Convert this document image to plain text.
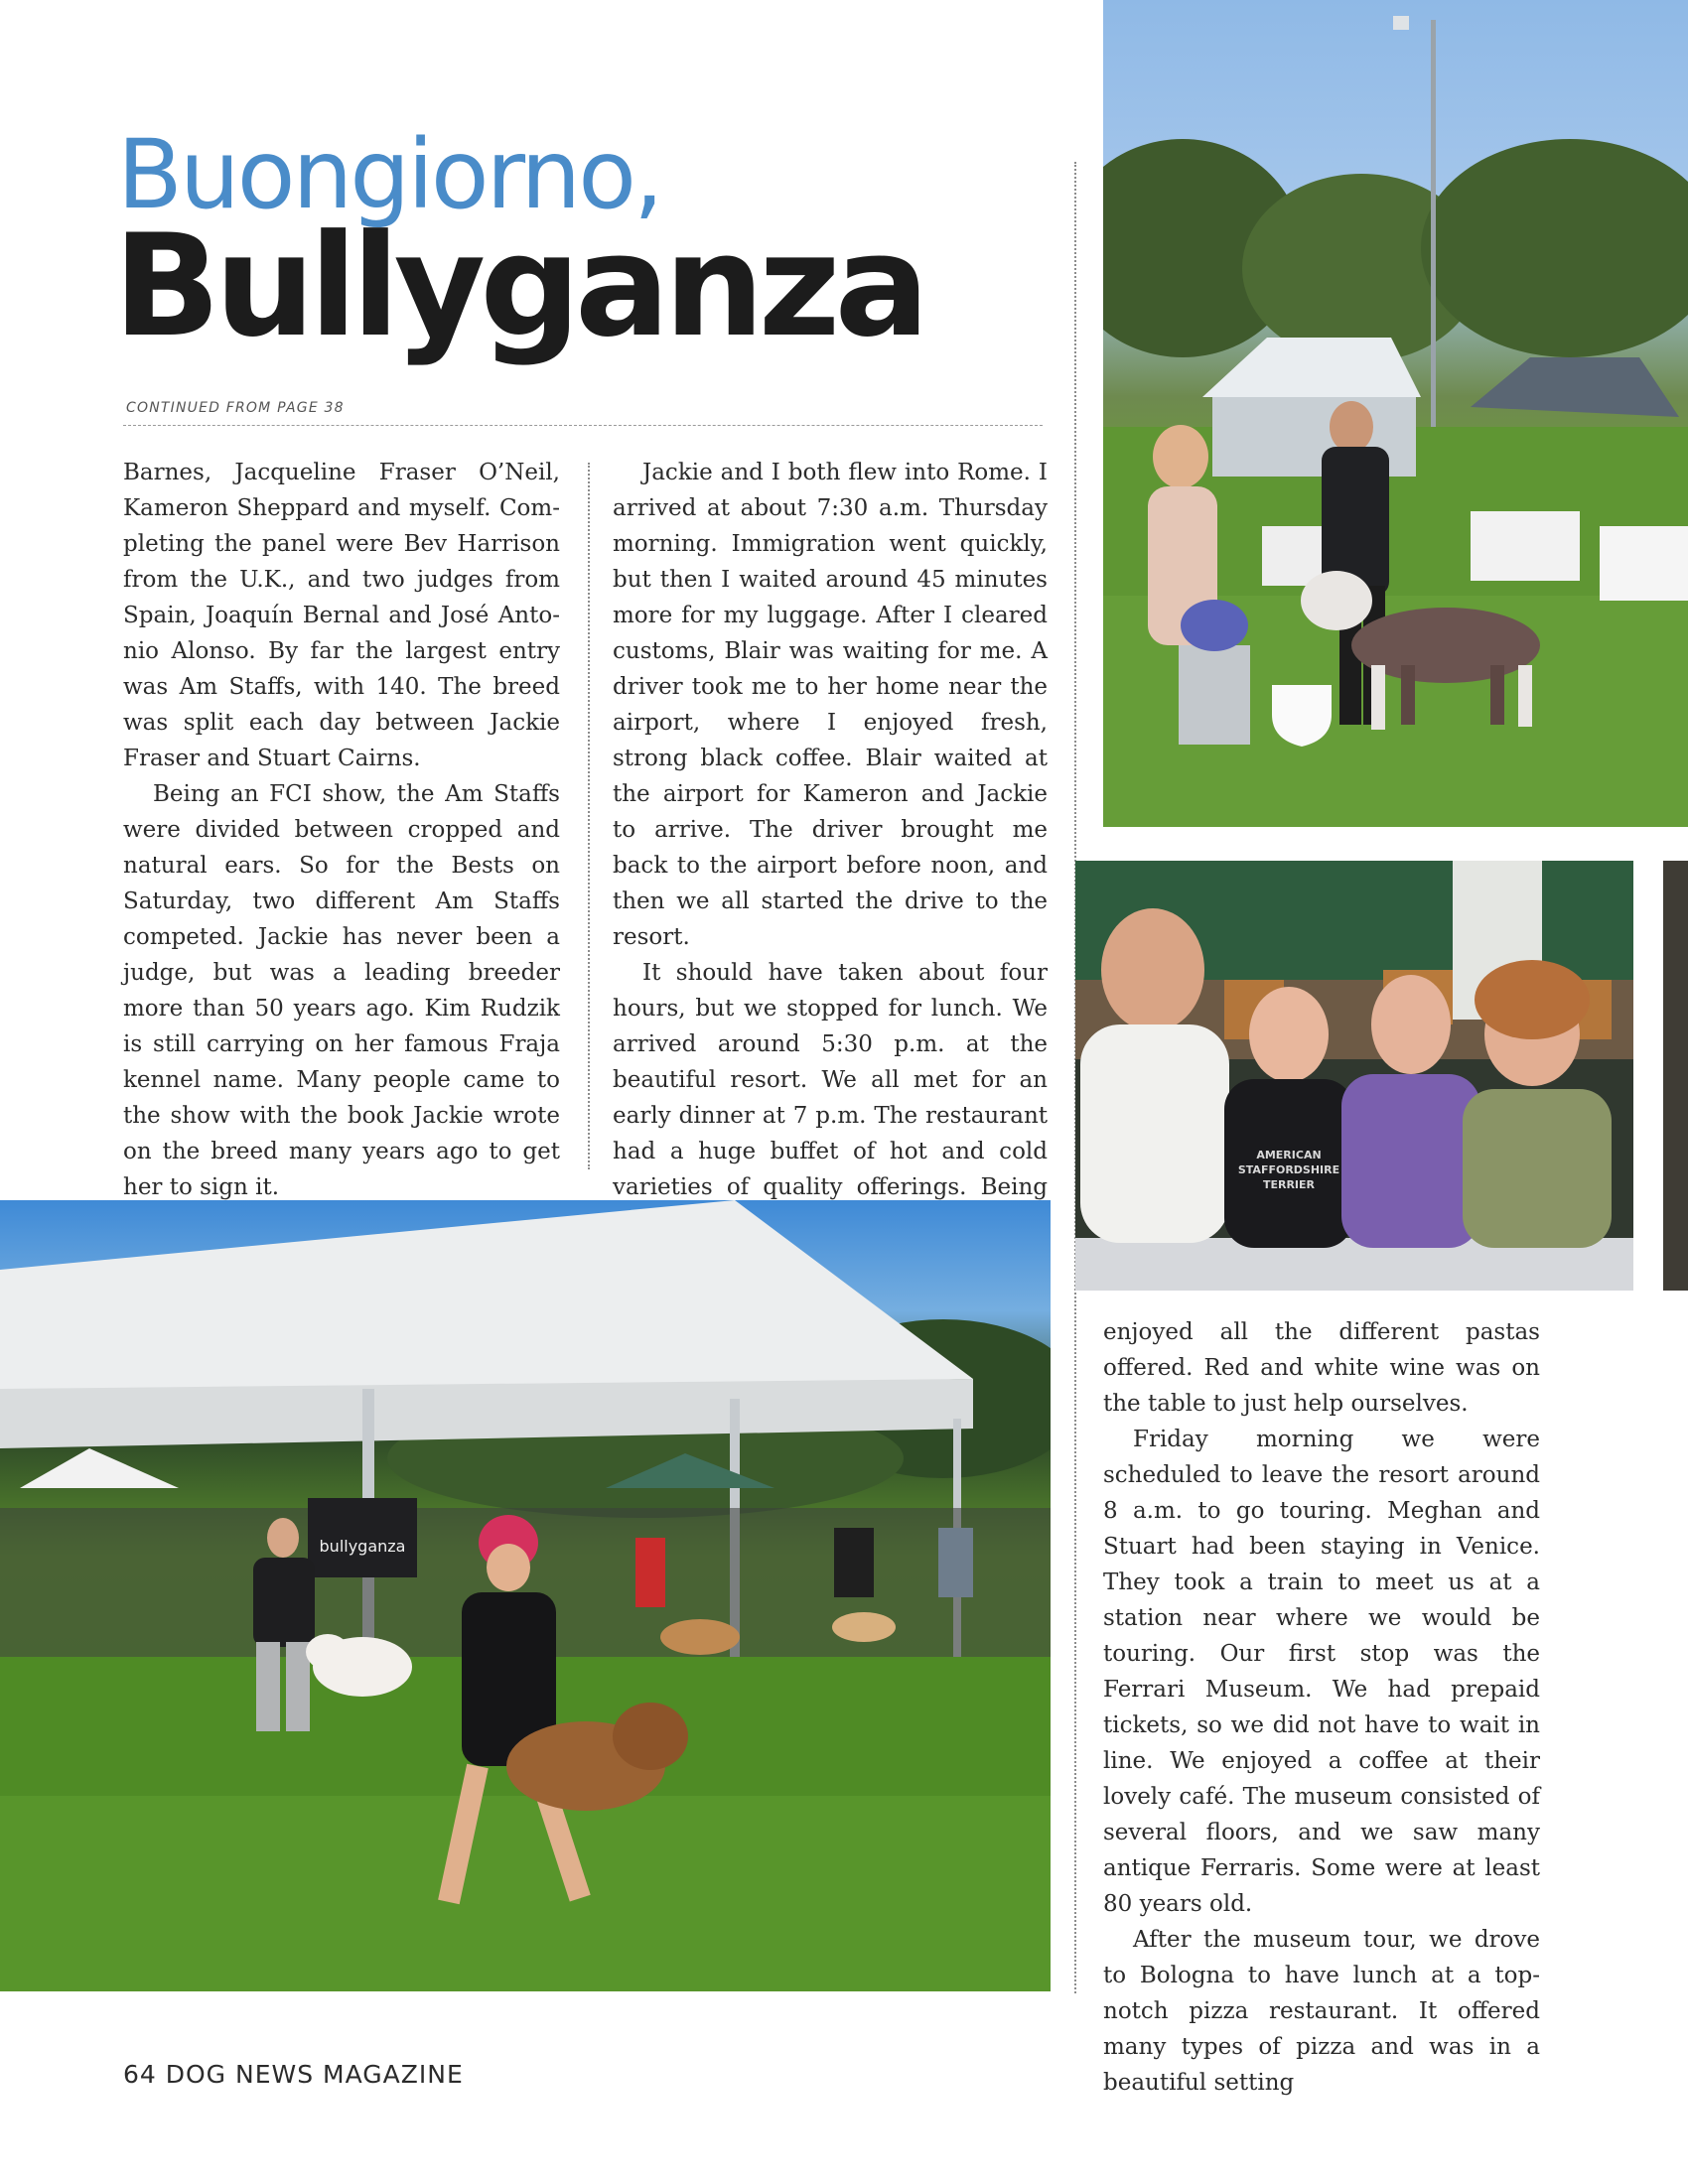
Buongiorno,
Bullyganza
CONTINUED FROM PAGE 38

Barnes, Jacqueline Fraser O’Neil, Kameron Sheppard and myself. Completing the panel were Bev Harrison from the U.K., and two judges from Spain, Joaquín Bernal and José Antonio Alonso. By far the largest entry was Am Staffs, with 140. The breed was split each day between Jackie Fraser and Stuart Cairns.

Being an FCI show, the Am Staffs were divided between cropped and natural ears. So for the Bests on Saturday, two different Am Staffs competed. Jackie has never been a judge, but was a leading breeder more than 50 years ago. Kim Rudzik is still carrying on her famous Fraja kennel name. Many people came to the show with the book Jackie wrote on the breed many years ago to get her to sign it.

Jackie and I both flew into Rome. I arrived at about 7:30 a.m. Thursday morning. Immigration went quickly, but then I waited around 45 minutes more for my luggage. After I cleared customs, Blair was waiting for me. A driver took me to her home near the airport, where I enjoyed fresh, strong black coffee. Blair waited at the airport for Kameron and Jackie to arrive. The driver brought me back to the airport before noon, and then we all started the drive to the resort.

It should have taken about four hours, but we stopped for lunch. We arrived around 5:30 p.m. at the beautiful resort. We all met for an early dinner at 7 p.m. The restaurant had a huge buffet of hot and cold varieties of quality offerings. Being

AMERICAN
STAFFORDSHIRE
TERRIER
bullyganza

enjoyed all the different pastas offered. Red and white wine was on the table to just help ourselves.

Friday morning we were scheduled to leave the resort around 8 a.m. to go touring. Meghan and Stuart had been staying in Venice. They took a train to meet us at a station near where we would be touring. Our first stop was the Ferrari Museum. We had prepaid tickets, so we did not have to wait in line. We enjoyed a coffee at their lovely café. The museum consisted of several floors, and we saw many antique Ferraris. Some were at least 80 years old.

After the museum tour, we drove to Bologna to have lunch at a top-notch pizza restaurant. It offered many types of pizza and was in a beautiful setting

64 DOG NEWS MAGAZINE
